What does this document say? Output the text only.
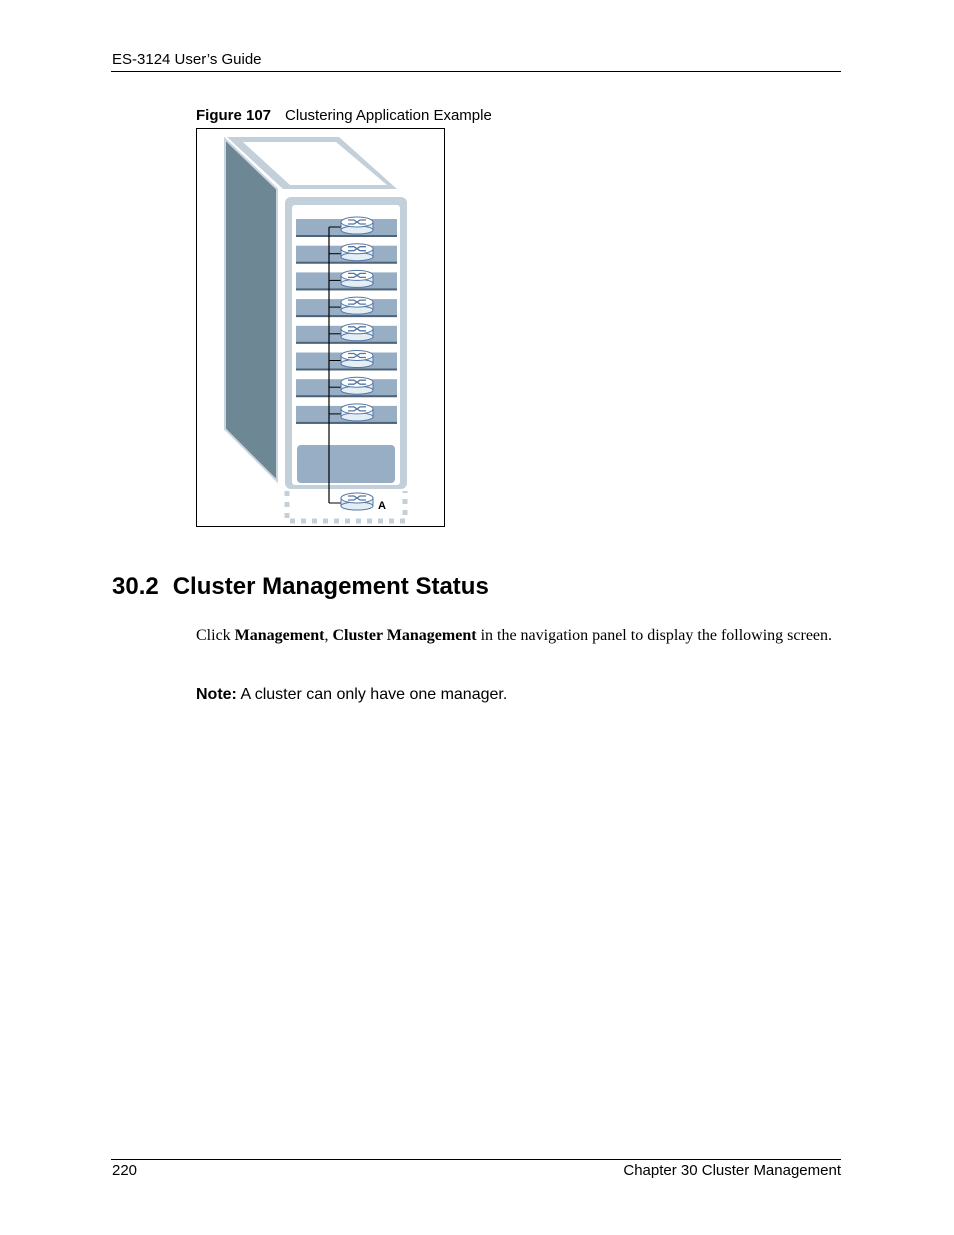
ES-3124 User’s Guide
Figure 107 Clustering Application Example
A
30.2 Cluster Management Status
Click Management, Cluster Management in the navigation panel to display the following screen.
Note: A cluster can only have one manager.
220	Chapter 30 Cluster Management
